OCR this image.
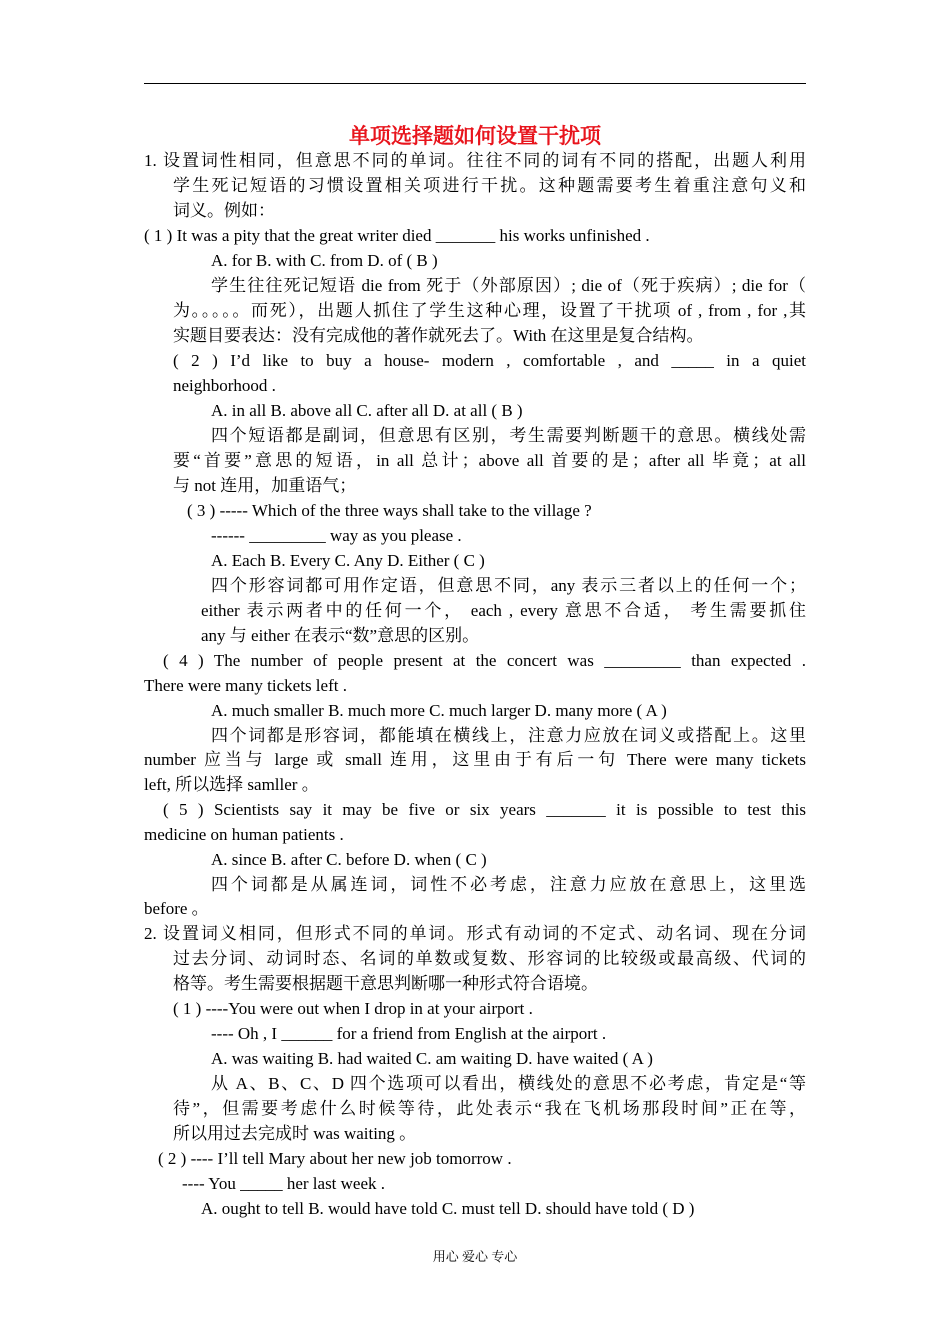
单项选择题如何设置干扰项
1. 设置词性相同，但意思不同的单词。往往不同的词有不同的搭配，出题人利用
学生死记短语的习惯设置相关项进行干扰。这种题需要考生着重注意句义和
词义。例如：
( 1 ) It was a pity that the great writer died _______ his works unfinished .
A. for B. with C. from D. of ( B )
学生往往死记短语 die from 死于（外部原因）; die of（死于疾病）; die for（
为。。。。。而死），出题人抓住了学生这种心理，设置了干扰项 of , from , for ,其
实题目要表达：没有完成他的著作就死去了。With 在这里是复合结构。
( 2 ) I’d like to buy a house- modern , comfortable , and _____ in a quiet
neighborhood .
A. in all B. above all C. after all D. at all ( B )
四个短语都是副词，但意思有区别，考生需要判断题干的意思。横线处需
要“首要”意思的短语，in all 总计；above all 首要的是；after all 毕竟；at all
与 not 连用，加重语气；
( 3 ) ----- Which of the three ways shall take to the village ?
------ _________ way as you please .
A. Each B. Every C. Any D. Either ( C )
四个形容词都可用作定语，但意思不同，any 表示三者以上的任何一个；
either 表示两者中的任何一个， each , every 意思不合适， 考生需要抓住
any 与 either 在表示“数”意思的区别。
( 4 ) The number of people present at the concert was _________ than expected .
There were many tickets left .
A. much smaller B. much more C. much larger D. many more ( A )
四个词都是形容词，都能填在横线上，注意力应放在词义或搭配上。这里
number 应当与 large 或 small 连用，这里由于有后一句 There were many tickets
left, 所以选择 samller 。
( 5 ) Scientists say it may be five or six years _______ it is possible to test this
medicine on human patients .
A. since B. after C. before D. when ( C )
四个词都是从属连词，词性不必考虑，注意力应放在意思上，这里选
before 。
2. 设置词义相同，但形式不同的单词。形式有动词的不定式、动名词、现在分词
过去分词、动词时态、名词的单数或复数、形容词的比较级或最高级、代词的
格等。考生需要根据题干意思判断哪一种形式符合语境。
( 1 ) ----You were out when I drop in at your airport .
---- Oh , I ______ for a friend from English at the airport .
A. was waiting B. had waited C. am waiting D. have waited ( A )
从 A、B、C、D 四个选项可以看出，横线处的意思不必考虑，肯定是“等
待”，但需要考虑什么时候等待，此处表示“我在飞机场那段时间”正在等，
所以用过去完成时 was waiting 。
( 2 ) ---- I’ll tell Mary about her new job tomorrow .
---- You _____ her last week .
A. ought to tell B. would have told C. must tell D. should have told ( D )
用心 爱心 专心
